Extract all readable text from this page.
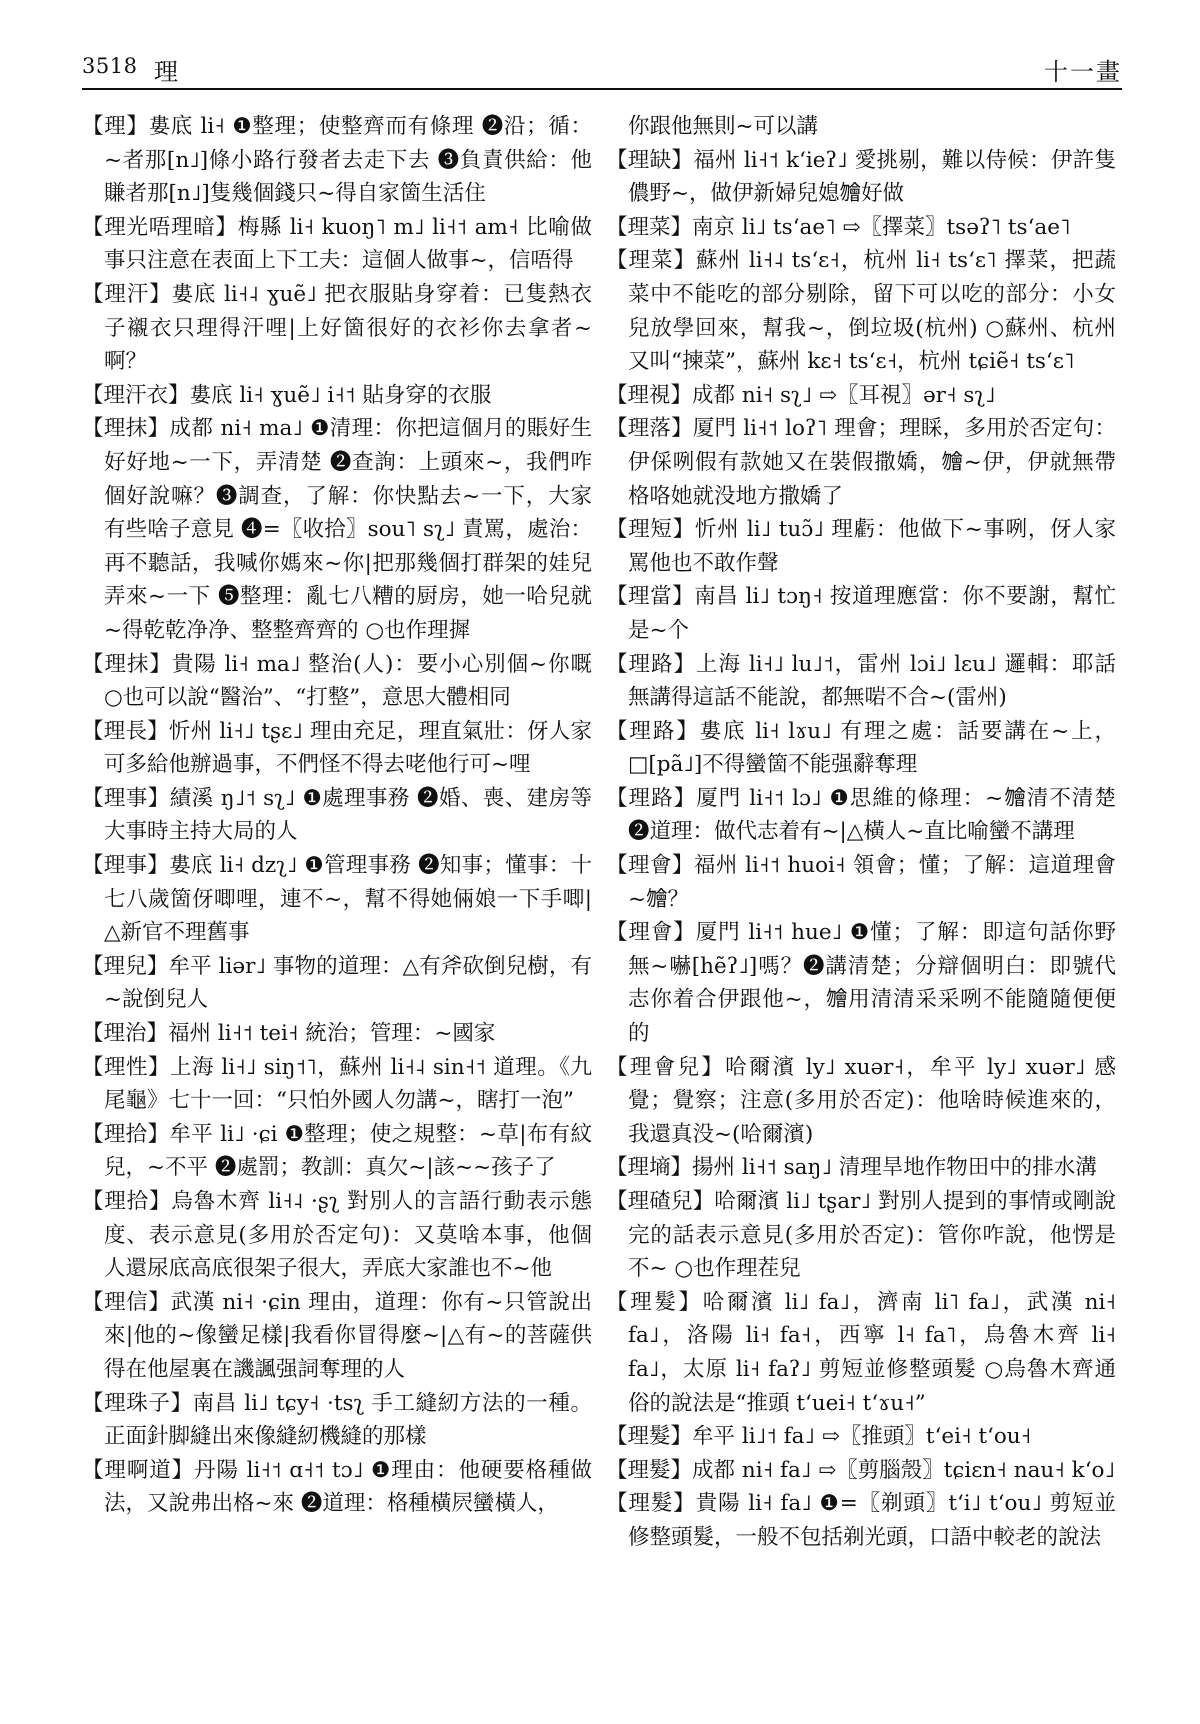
3518 理	十一畫

【理】婁底 li˧ ❶整理；使整齊而有條理 ❷沿；循：~者那[n˩]條小路行發者去走下去 ❸負責供給：他賺者那[n˩]隻幾個錢只~得自家箇生活住

【理光唔理暗】梅縣 li˧ kuoŋ˥ m˩ li˧˦ am˧ 比喻做事只注意在表面上下工夫：這個人做事~，信唔得

【理汗】婁底 li˧˨ ɣuẽ˩ 把衣服貼身穿着：已隻熱衣子襯衣只理得汗哩|上好箇很好的衣衫你去拿者~啊？

【理汗衣】婁底 li˧ ɣuẽ˩ i˧˦ 貼身穿的衣服

【理抹】成都 ni˧ ma˩ ❶清理：你把這個月的賬好生好好地~一下，弄清楚 ❷查詢：上頭來~，我們咋個好說嘛？❸調查，了解：你快點去~一下，大家有些啥子意見 ❹=〖收拾〗sou˥ sʅ˩ 責罵，處治：再不聽話，我喊你媽來~你|把那幾個打群架的娃兒弄來~一下 ❺整理：亂七八糟的厨房，她一哈兒就~得乾乾净净、整整齊齊的 ○也作理摨

【理抹】貴陽 li˧ ma˩ 整治(人)：要小心別個~你嘅 ○也可以說“醫治”、“打整”，意思大體相同

【理長】忻州 li˧˩ tʂɛ˩ 理由充足，理直氣壯：伢人家可多給他辦過事，不們怪不得去咾他行可~哩

【理事】績溪 ŋ˩˦ sʅ˩ ❶處理事務 ❷婚、喪、建房等大事時主持大局的人

【理事】婁底 li˧ dzʅ˩ ❶管理事務 ❷知事；懂事：十七八歲箇伢唧哩，連不~，幫不得她倆娘一下手唧|△新官不理舊事

【理兒】牟平 liər˩ 事物的道理：△有斧砍倒兒樹，有~說倒兒人

【理治】福州 li˧˦ tei˧ 統治；管理：~國家

【理性】上海 li˧˩ siŋ˦˥，蘇州 li˧˨ sin˧˦ 道理。《九尾龜》七十一回：“只怕外國人勿講~，瞎打一泡”

【理拾】牟平 li˩ ·ɕi ❶整理；使之規整：~草|布有紋兒，~不平 ❷處罰；教訓：真欠~|該~~孩子了

【理拾】烏魯木齊 li˧˨ ·ʂʅ 對別人的言語行動表示態度、表示意見(多用於否定句)：又莫啥本事，他個人還尿底高底很架子很大，弄底大家誰也不~他

【理信】武漢 ni˧ ·ɕin 理由，道理：你有~只管說出來|他的~像蠻足樣|我看你冒得麼~|△有~的菩薩供得在他屋裏在譏諷强詞奪理的人

【理珠子】南昌 li˩ tɕy˧ ·tsʅ 手工縫紉方法的一種。正面針脚縫出來像縫紉機縫的那樣

【理啊道】丹陽 li˧˦ ɑ˧˦ tɔ˩ ❶理由：他硬要格種做法，又說弗出格~來 ❷道理：格種橫屄蠻橫人，

你跟他無則~可以講

【理缺】福州 li˧˦ kʻieʔ˩ 愛挑剔，難以侍候：伊許隻儂野~，做伊新婦兒媳𣍐好做

【理菜】南京 li˩ tsʻae˥ ⇨〖擇菜〗tsəʔ˥ tsʻae˥

【理菜】蘇州 li˧˨ tsʻɛ˧，杭州 li˧ tsʻɛ˥ 擇菜，把蔬菜中不能吃的部分剔除，留下可以吃的部分：小女兒放學回來，幫我~，倒垃圾(杭州) ○蘇州、杭州又叫“揀菜”，蘇州 kɛ˧ tsʻɛ˧，杭州 tɕiẽ˧ tsʻɛ˥

【理視】成都 ni˧ sʅ˩ ⇨〖耳視〗ər˧ sʅ˩

【理落】厦門 li˧˦ loʔ˥ 理會；理睬，多用於否定句：伊倸咧假有款她又在裝假撒嬌，𣍐~伊，伊就無帶格咯她就没地方撒嬌了

【理短】忻州 li˩ tuɔ̃˩ 理虧：他做下~事咧，伢人家罵他也不敢作聲

【理當】南昌 li˩ tɔŋ˧ 按道理應當：你不要謝，幫忙是~个

【理路】上海 li˧˩ lu˩˦，雷州 lɔi˩ lɛu˩ 邏輯：耶話無講得這話不能說，都無啱不合~(雷州)

【理路】婁底 li˧ lɤu˩ 有理之處：話要講在~上，□[pã˩]不得蠻箇不能强辭奪理

【理路】厦門 li˧˦ lɔ˩ ❶思維的條理：~𣍐清不清楚 ❷道理：做代志着有~|△橫人~直比喻蠻不講理

【理會】福州 li˧˦ huoi˧ 領會；懂；了解：這道理會~𣍐？

【理會】厦門 li˧˦ hue˩ ❶懂；了解：即這句話你野無~嚇[hẽʔ˩]嗎？❷講清楚；分辯個明白：即號代志你着合伊跟他~，𣍐用清清采采咧不能隨隨便便的

【理會兒】哈爾濱 ly˩ xuər˧，牟平 ly˩ xuər˩ 感覺；覺察；注意(多用於否定)：他啥時候進來的，我還真没~(哈爾濱)

【理墒】揚州 li˧˦ saŋ˩ 清理旱地作物田中的排水溝

【理碴兒】哈爾濱 li˩ tʂar˩ 對別人提到的事情或剛說完的話表示意見(多用於否定)：管你咋說，他愣是不~ ○也作理茬兒

【理髮】哈爾濱 li˩ fa˩，濟南 li˥ fa˩，武漢 ni˧ fa˩，洛陽 li˧ fa˧，西寧 l˧ fa˥，烏魯木齊 li˧ fa˩，太原 li˧ faʔ˩ 剪短並修整頭髮 ○烏魯木齊通俗的說法是“推頭 tʻuei˧ tʻɤu˧”

【理髮】牟平 li˩˦ fa˩ ⇨〖推頭〗tʻei˧ tʻou˧

【理髮】成都 ni˧ fa˩ ⇨〖剪腦殼〗tɕiɛn˧ nau˧ kʻo˩

【理髮】貴陽 li˧ fa˩ ❶=〖剃頭〗tʻi˩ tʻou˩ 剪短並修整頭髮，一般不包括剃光頭，口語中較老的說法
